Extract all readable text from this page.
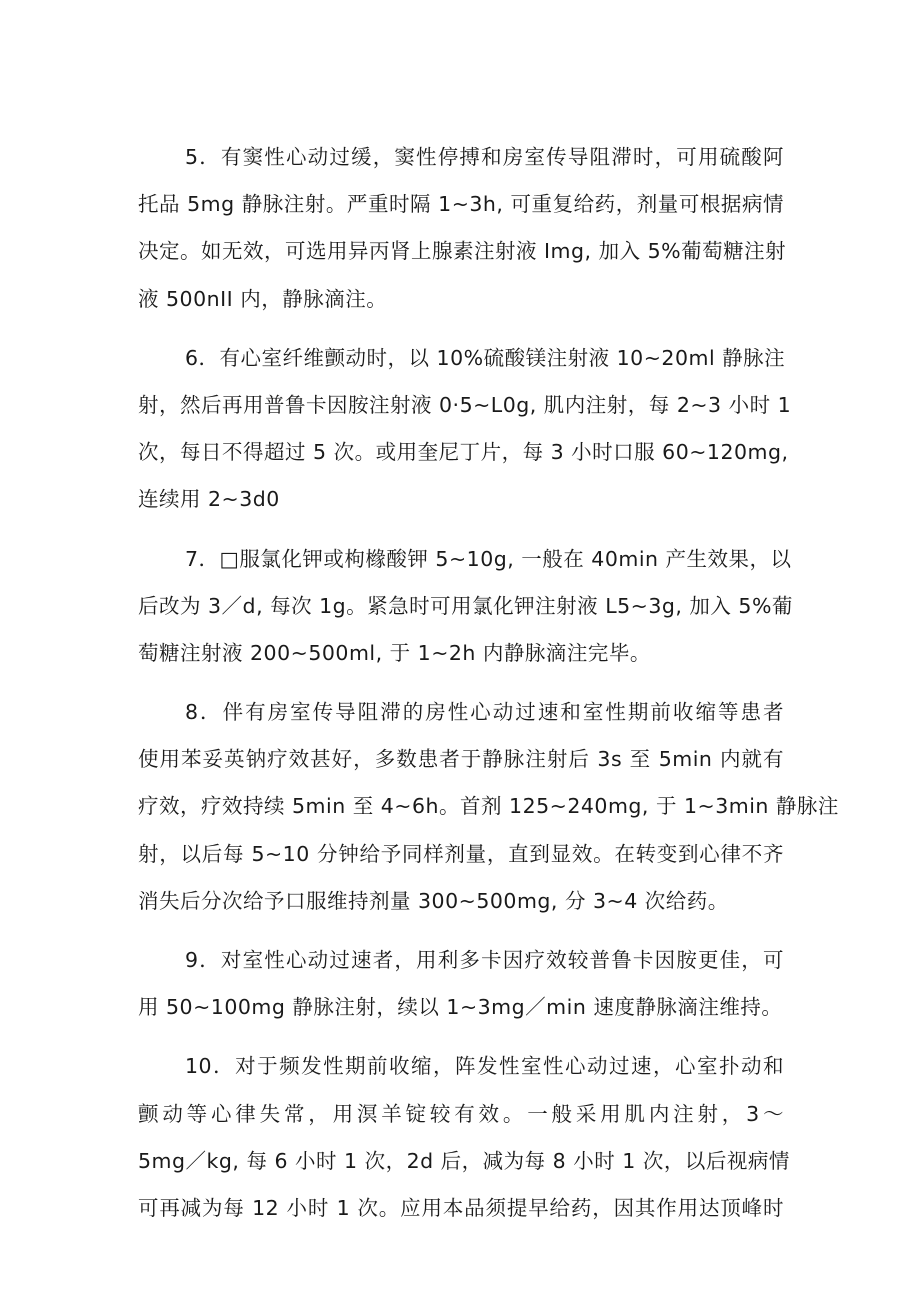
5．有窦性心动过缓，窦性停搏和房室传导阻滞时，可用硫酸阿
托品 5mg 静脉注射。严重时隔 1~3h, 可重复给药，剂量可根据病情
决定。如无效，可选用异丙肾上腺素注射液 Img, 加入 5%葡萄糖注射
液 500nII 内，静脉滴注。
6．有心室纤维颤动时，以 10%硫酸镁注射液 10~20ml 静脉注
射，然后再用普鲁卡因胺注射液 0·5~L0g, 肌内注射，每 2~3 小时 1
次，每日不得超过 5 次。或用奎尼丁片，每 3 小时口服 60~120mg,
连续用 2~3d0
7．□服氯化钾或枸橼酸钾 5~10g, 一般在 40min 产生效果，以
后改为 3／d, 每次 1g。紧急时可用氯化钾注射液 L5~3g, 加入 5%葡
萄糖注射液 200~500ml, 于 1~2h 内静脉滴注完毕。
8．伴有房室传导阻滞的房性心动过速和室性期前收缩等患者
使用苯妥英钠疗效甚好，多数患者于静脉注射后 3s 至 5min 内就有
疗效，疗效持续 5min 至 4~6h。首剂 125~240mg, 于 1~3min 静脉注
射，以后每 5~10 分钟给予同样剂量，直到显效。在转变到心律不齐
消失后分次给予口服维持剂量 300~500mg, 分 3~4 次给药。
9．对室性心动过速者，用利多卡因疗效较普鲁卡因胺更佳，可
用 50~100mg 静脉注射，续以 1~3mg／min 速度静脉滴注维持。
10．对于频发性期前收缩，阵发性室性心动过速，心室扑动和
颤动等心律失常，用溟羊锭较有效。一般采用肌内注射，3～
5mg／kg, 每 6 小时 1 次，2d 后，减为每 8 小时 1 次，以后视病情
可再减为每 12 小时 1 次。应用本品须提早给药，因其作用达顶峰时
